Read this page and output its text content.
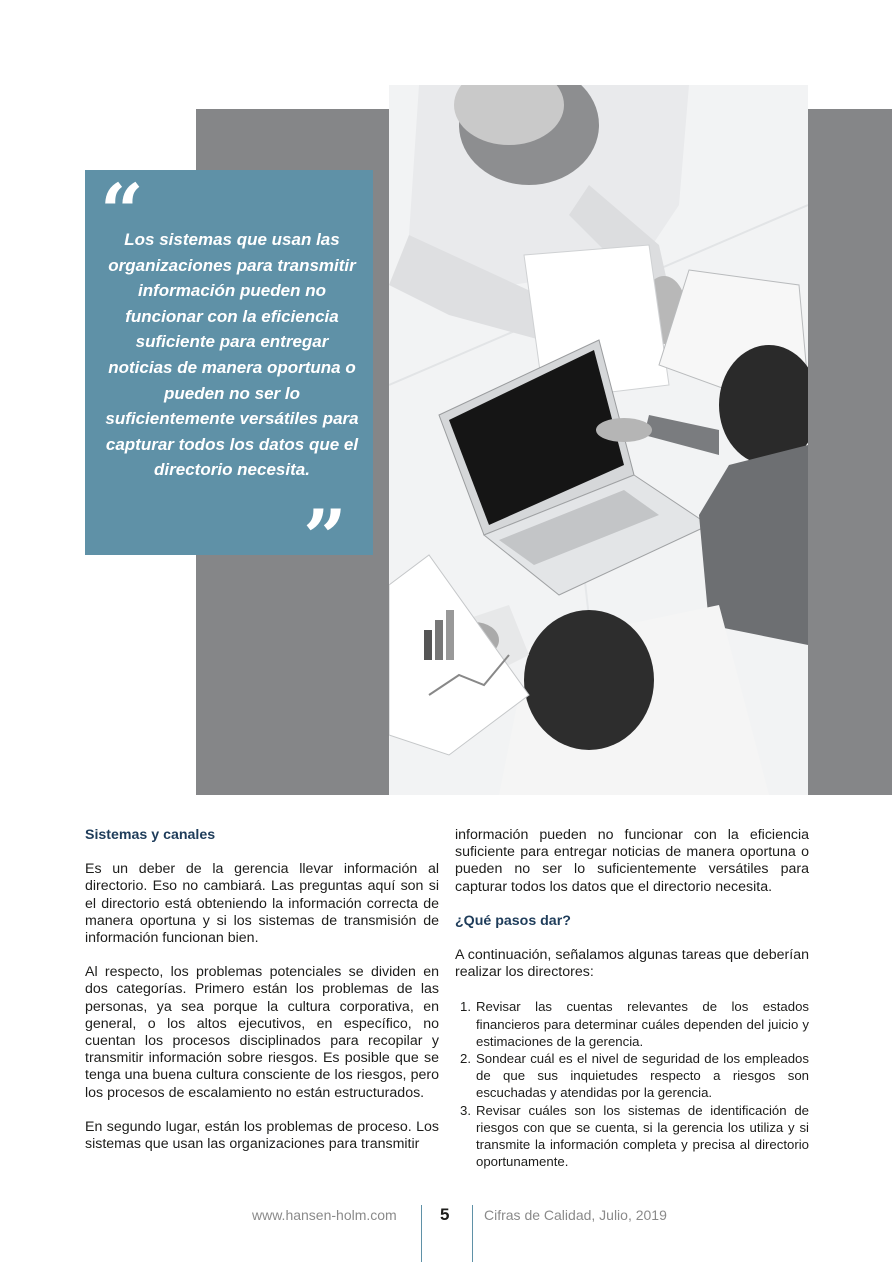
“

Los sistemas que usan las organizaciones para transmitir información pueden no funcionar con la eficiencia suficiente para entregar noticias de manera oportuna o pueden no ser lo suficientemente versátiles para capturar todos los datos que el directorio necesita.

”
Sistemas y canales

Es un deber de la gerencia llevar información al directorio. Eso no cambiará. Las preguntas aquí son si el directorio está obteniendo la información correcta de manera oportuna y si los sistemas de transmisión de información funcionan bien.

Al respecto, los problemas potenciales se dividen en dos categorías. Primero están los problemas de las personas, ya sea porque la cultura corporativa, en general, o los altos ejecutivos, en específico, no cuentan los procesos disciplinados para recopilar y transmitir información sobre riesgos. Es posible que se tenga una buena cultura consciente de los riesgos, pero los procesos de escalamiento no están estructurados.

En segundo lugar, están los problemas de proceso. Los sistemas que usan las organizaciones para transmitir

información pueden no funcionar con la eficiencia suficiente para entregar noticias de manera oportuna o pueden no ser lo suficientemente versátiles para capturar todos los datos que el directorio necesita.

¿Qué pasos dar?

A continuación, señalamos algunas tareas que deberían realizar los directores:

1. Revisar las cuentas relevantes de los estados financieros para determinar cuáles dependen del juicio y estimaciones de la gerencia.
2. Sondear cuál es el nivel de seguridad de los empleados de que sus inquietudes respecto a riesgos son escuchadas y atendidas por la gerencia.
3. Revisar cuáles son los sistemas de identificación de riesgos con que se cuenta, si la gerencia los utiliza y si transmite la información completa y precisa al directorio oportunamente.
www.hansen-holm.com	5 Cifras de Calidad, Julio, 2019
